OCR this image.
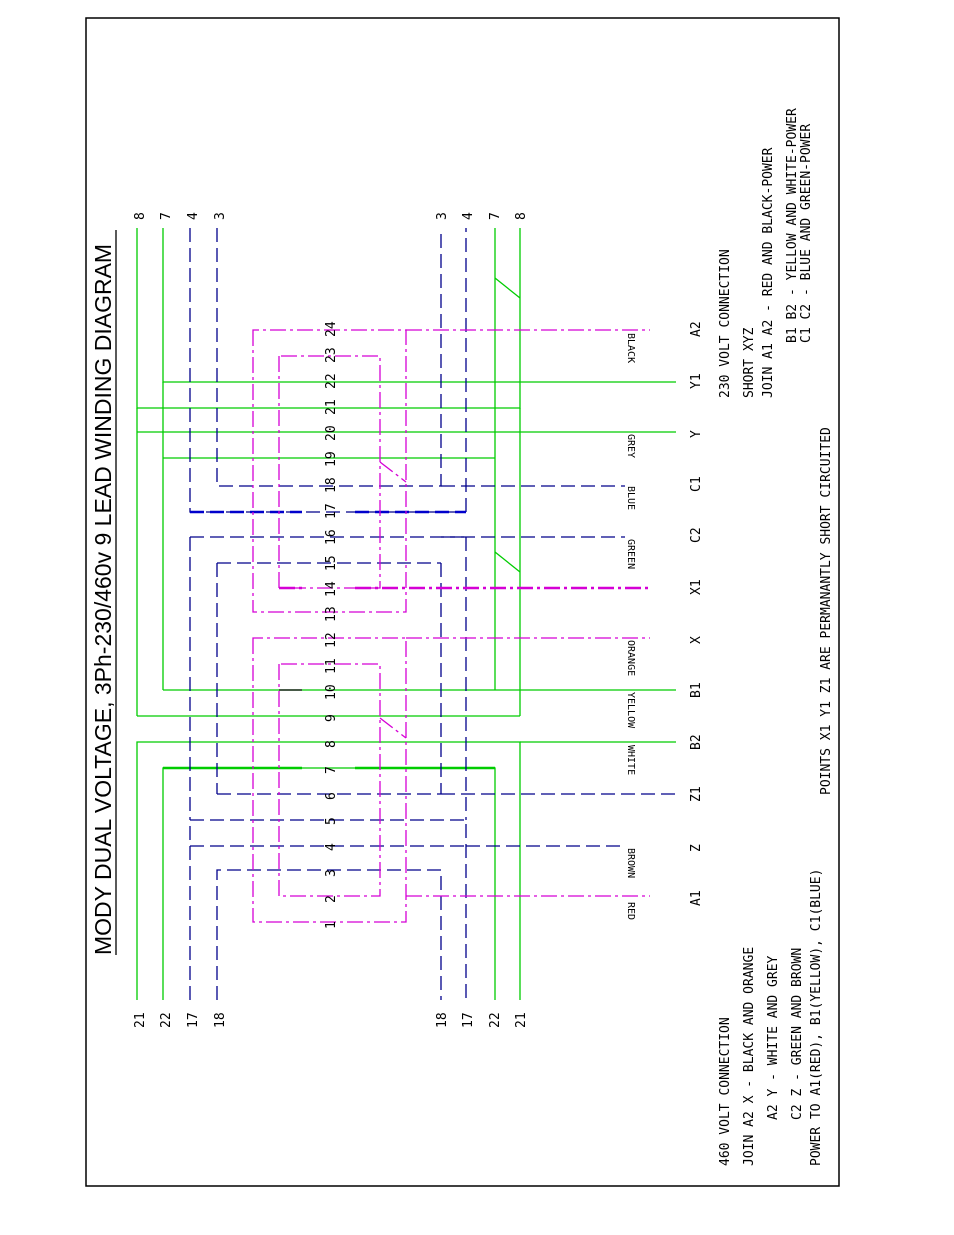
MODY DUAL VOLTAGE, 3Ph-230/460v 9 LEAD WINDING DIAGRAM	1
2
3
4
5
6
7
8
9
10
11
12
13
14
15
16
17
18
19
20
21
22
23
24
21 22 17 18
8 7 4 3
18 17 22 21
3 4 7 8
RED
BROWN
WHITE
YELLOW
ORANGE
GREEN
BLUE
GREY
BLACK
A1
Z
Z1
B2
B1
X
X1
C2
C1
Y
Y1
A2
460 VOLT CONNECTION JOIN A2 X - BLACK AND ORANGE A2 Y - WHITE AND GREY C2 Z - GREEN AND BROWN POWER TO A1(RED), B1(YELLOW), C1(BLUE)
230 VOLT CONNECTION SHORT XYZ JOIN A1 A2 - RED AND BLACK-POWER B1 B2 - YELLOW AND WHITE-POWER C1 C2 - BLUE AND GREEN-POWER
POINTS X1 Y1 Z1 ARE PERMANANTLY SHORT CIRCUITED
